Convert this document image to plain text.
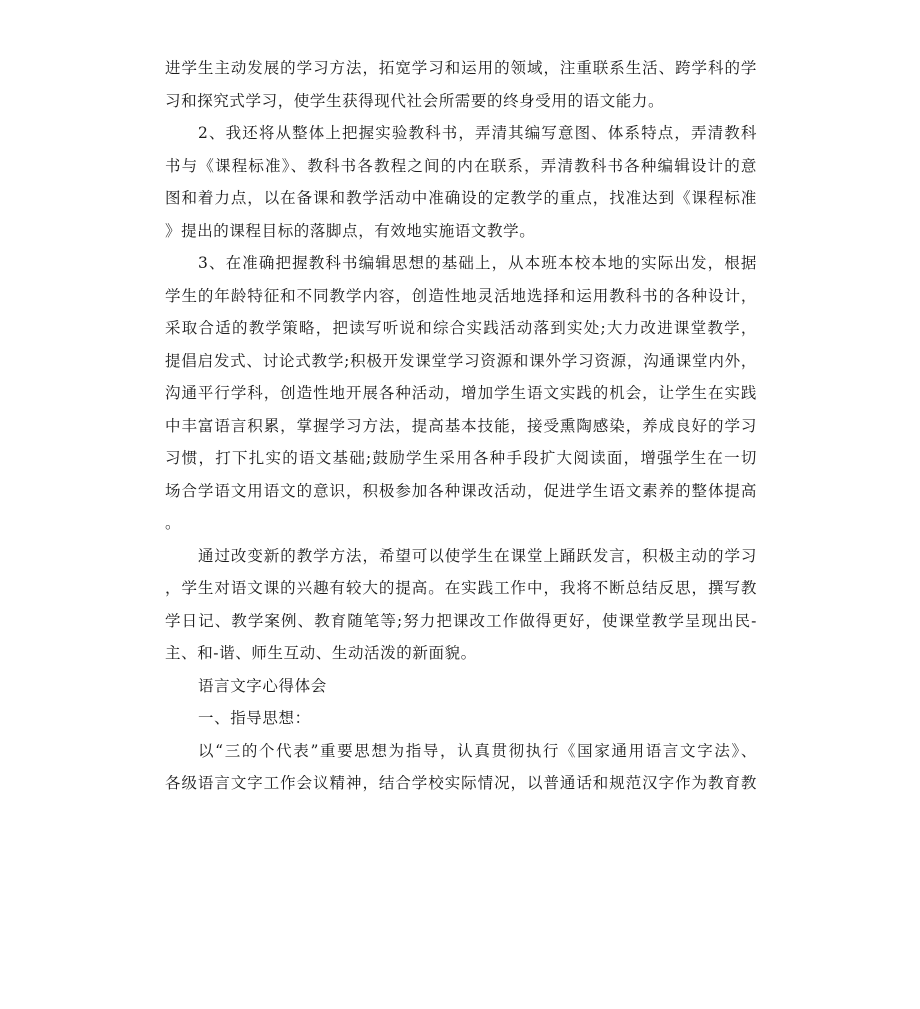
进学生主动发展的学习方法，拓宽学习和运用的领域，注重联系生活、跨学科的学
习和探究式学习，使学生获得现代社会所需要的终身受用的语文能力。
2、我还将从整体上把握实验教科书，弄清其编写意图、体系特点，弄清教科
书与《课程标准》、教科书各教程之间的内在联系，弄清教科书各种编辑设计的意
图和着力点，以在备课和教学活动中准确设的定教学的重点，找准达到《课程标准
》提出的课程目标的落脚点，有效地实施语文教学。
3、在准确把握教科书编辑思想的基础上，从本班本校本地的实际出发，根据
学生的年龄特征和不同教学内容，创造性地灵活地选择和运用教科书的各种设计，
采取合适的教学策略，把读写听说和综合实践活动落到实处;大力改进课堂教学，
提倡启发式、讨论式教学;积极开发课堂学习资源和课外学习资源，沟通课堂内外，
沟通平行学科，创造性地开展各种活动，增加学生语文实践的机会，让学生在实践
中丰富语言积累，掌握学习方法，提高基本技能，接受熏陶感染，养成良好的学习
习惯，打下扎实的语文基础;鼓励学生采用各种手段扩大阅读面，增强学生在一切
场合学语文用语文的意识，积极参加各种课改活动，促进学生语文素养的整体提高
。
通过改变新的教学方法，希望可以使学生在课堂上踊跃发言，积极主动的学习
，学生对语文课的兴趣有较大的提高。在实践工作中，我将不断总结反思，撰写教
学日记、教学案例、教育随笔等;努力把课改工作做得更好，使课堂教学呈现出民-
主、和-谐、师生互动、生动活泼的新面貌。
语言文字心得体会
一、指导思想：
以“三的个代表”重要思想为指导，认真贯彻执行《国家通用语言文字法》、
各级语言文字工作会议精神，结合学校实际情况，以普通话和规范汉字作为教育教
